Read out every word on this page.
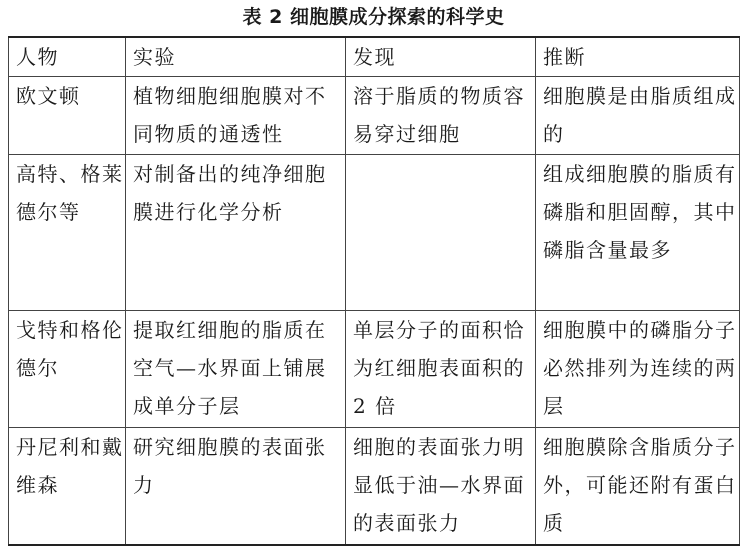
表 2 细胞膜成分探索的科学史
人物	实验	发现	推断
欧文顿	植物细胞细胞膜对不同物质的通透性	溶于脂质的物质容易穿过细胞	细胞膜是由脂质组成的
高特、格莱德尔等	对制备出的纯净细胞膜进行化学分析		组成细胞膜的脂质有磷脂和胆固醇，其中磷脂含量最多
戈特和格伦德尔	提取红细胞的脂质在空气—水界面上铺展成单分子层	单层分子的面积恰为红细胞表面积的 2 倍	细胞膜中的磷脂分子必然排列为连续的两层
丹尼利和戴维森	研究细胞膜的表面张力	细胞的表面张力明显低于油—水界面的表面张力	细胞膜除含脂质分子外，可能还附有蛋白质
